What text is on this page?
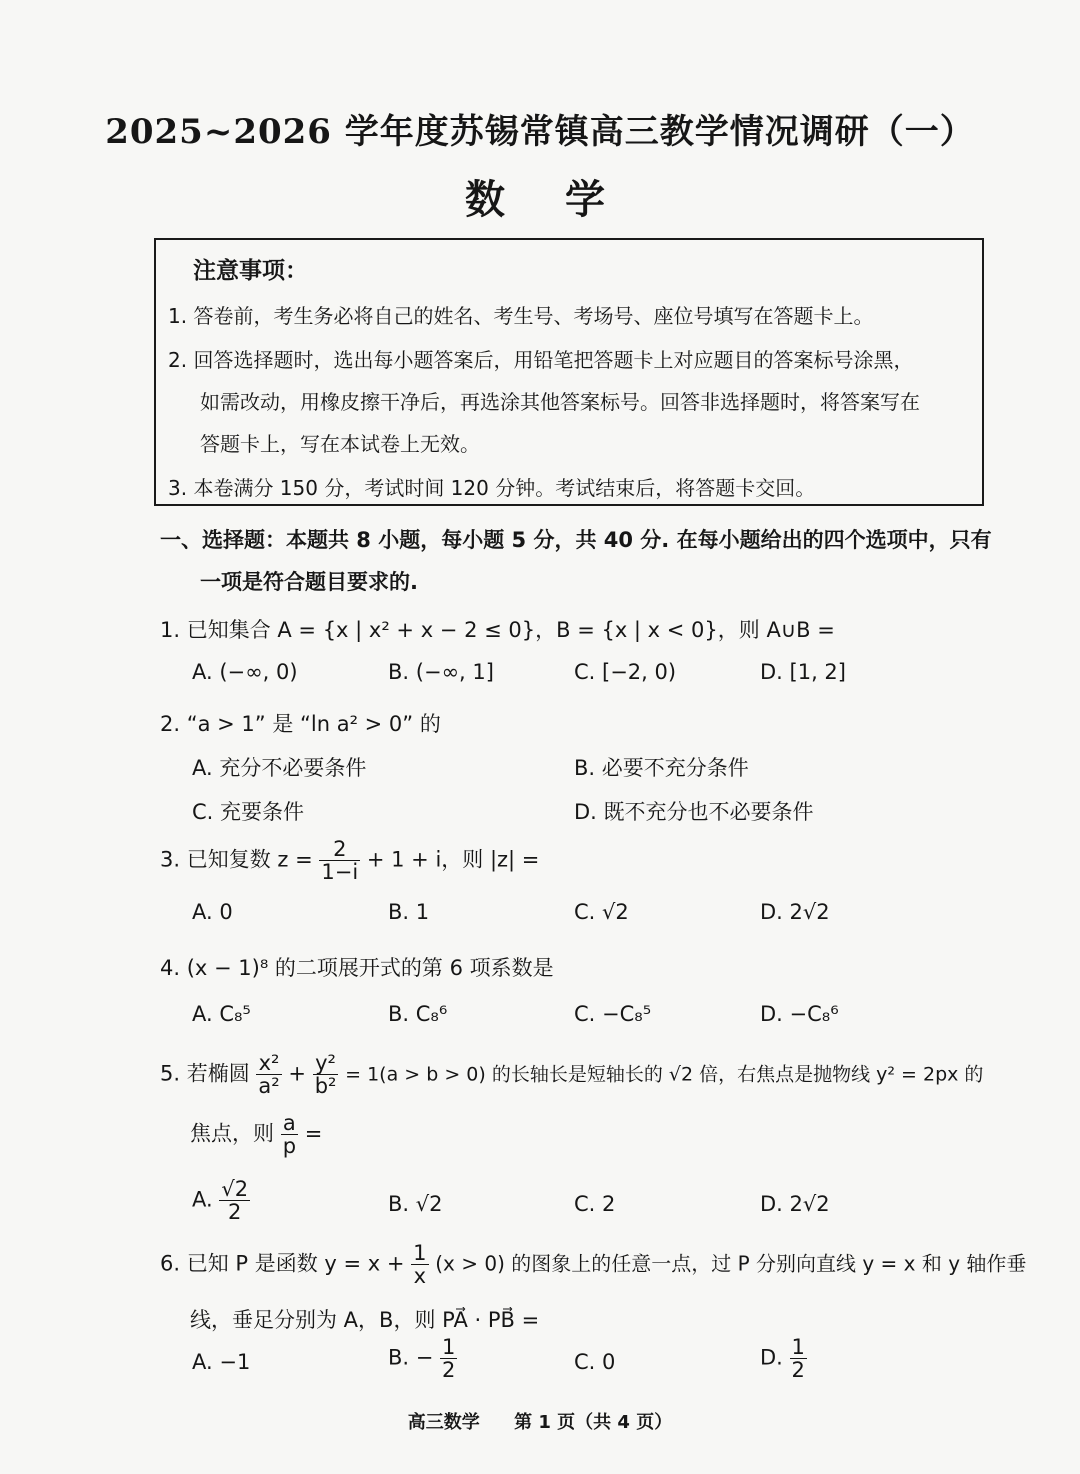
2025~2026 学年度苏锡常镇高三教学情况调研（一）
数学
注意事项：
1. 答卷前，考生务必将自己的姓名、考生号、考场号、座位号填写在答题卡上。
2. 回答选择题时，选出每小题答案后，用铅笔把答题卡上对应题目的答案标号涂黑，
如需改动，用橡皮擦干净后，再选涂其他答案标号。回答非选择题时，将答案写在
答题卡上，写在本试卷上无效。
3. 本卷满分 150 分，考试时间 120 分钟。考试结束后，将答题卡交回。
一、选择题：本题共 8 小题，每小题 5 分，共 40 分. 在每小题给出的四个选项中，只有
一项是符合题目要求的.
1. 已知集合 A = {x | x² + x − 2 ≤ 0}，B = {x | x < 0}，则 A∪B =
A. (−∞, 0)	B. (−∞, 1]	C. [−2, 0)	D. [1, 2]
2. “a > 1” 是 “ln a² > 0” 的
A. 充分不必要条件	B. 必要不充分条件
C. 充要条件	D. 既不充分也不必要条件
3. 已知复数 $z = \frac{2}{1-i} + 1 + i$，则 |z| =
A. 0	B. 1	C. √2	D. 2√2
4. (x − 1)⁸ 的二项展开式的第 6 项系数是
A. C₈⁵	B. C₈⁶	C. −C₈⁵	D. −C₈⁶
5. 若椭圆 $\frac{\text{x²}}{\text{a²}} + \frac{\text{y²}}{\text{b²}} = 1(a > b > 0)$ 的长轴长是短轴长的 √2 倍，右焦点是抛物线 y² = 2px 的
焦点，则 $\frac{a}{p}$ =
A. $\frac{√2}{2}$	B. √2	C. 2	D. 2√2
6. 已知 P 是函数 $y = x + \frac{1}{x} (x > 0)$ 的图象上的任意一点，过 P 分别向直线 y = x 和 y 轴作垂
线，垂足分别为 A，B，则 PA⃗ · PB⃗ =
A. −1	B. − $\frac{1}{2}$	C. 0	D. $\frac{1}{2}$
高三数学 第 1 页（共 4 页）
